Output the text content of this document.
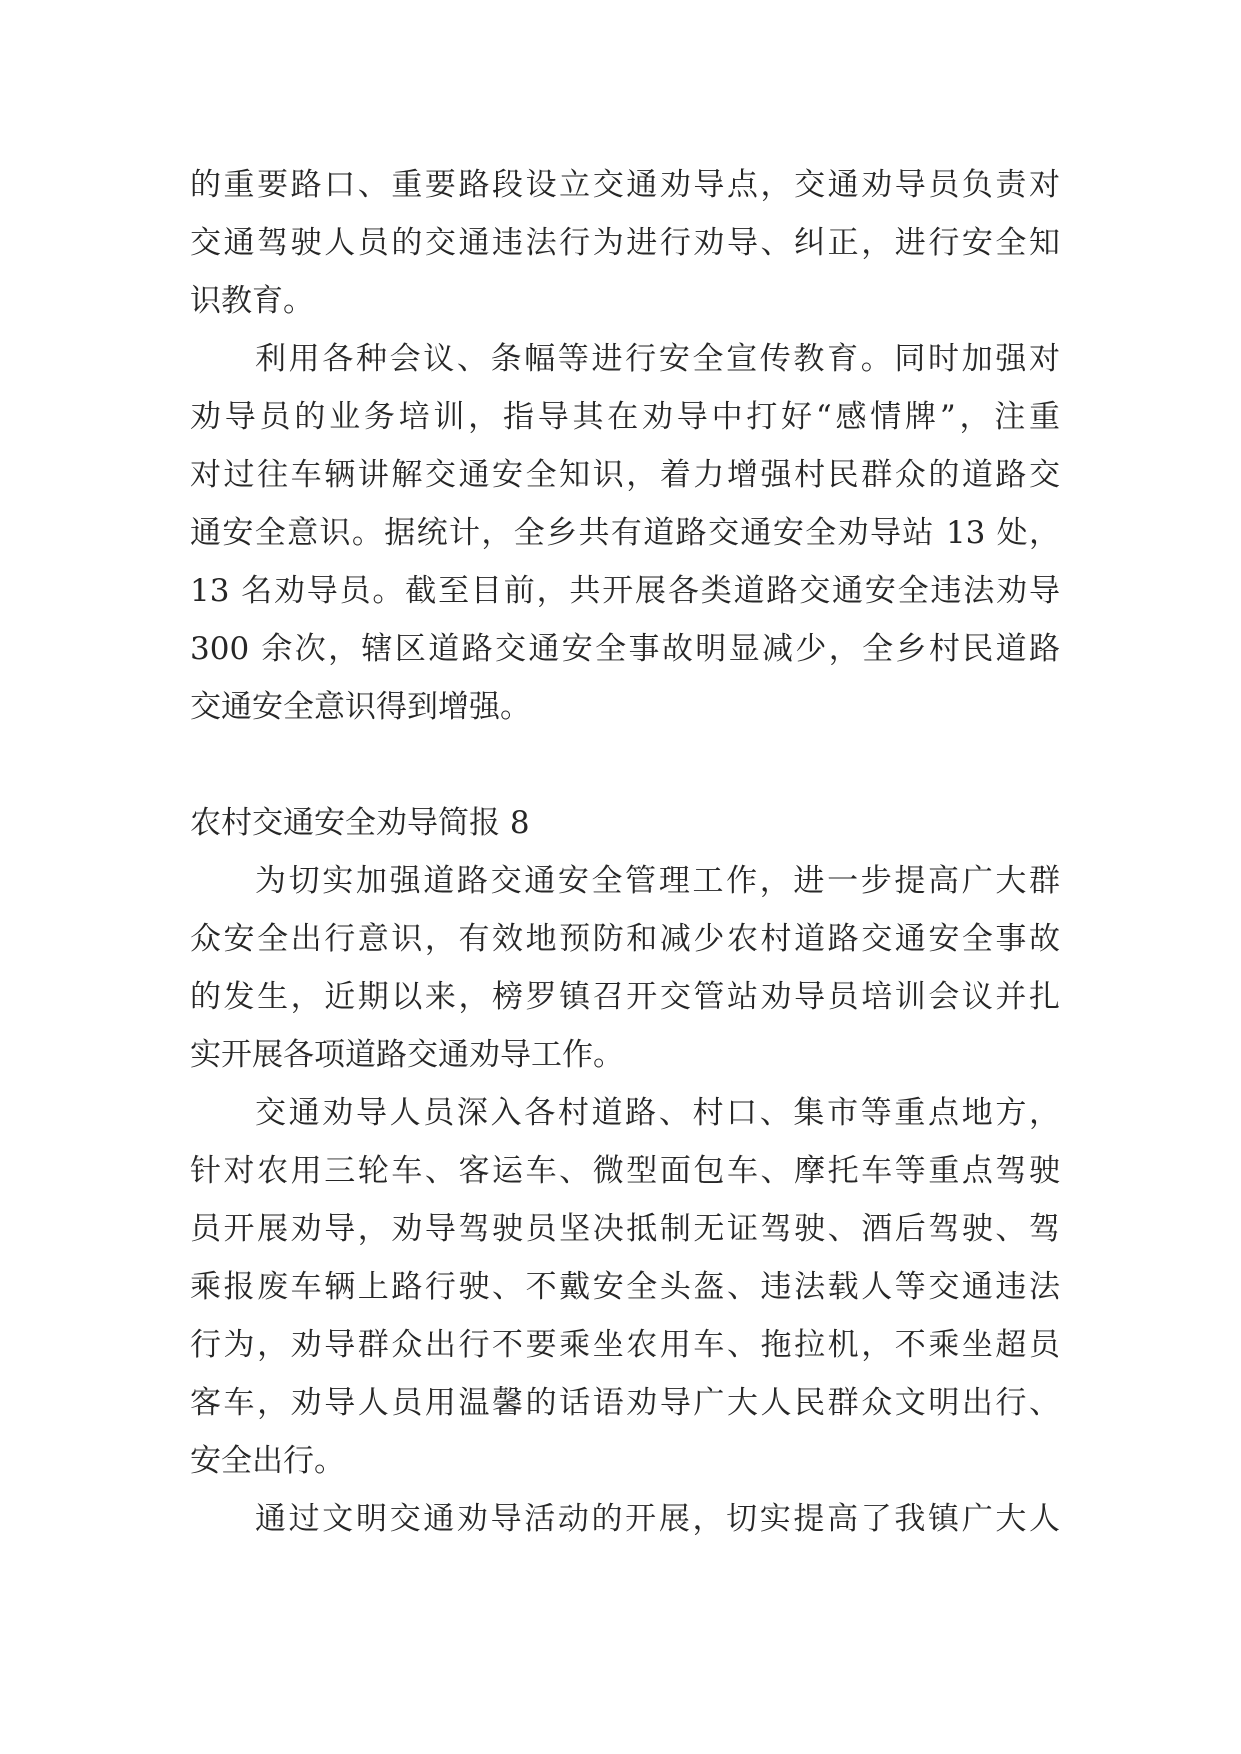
的重要路口、重要路段设立交通劝导点，交通劝导员负责对
交通驾驶人员的交通违法行为进行劝导、纠正，进行安全知
识教育。
利用各种会议、条幅等进行安全宣传教育。同时加强对
劝导员的业务培训，指导其在劝导中打好“感情牌”，注重
对过往车辆讲解交通安全知识，着力增强村民群众的道路交
通安全意识。据统计，全乡共有道路交通安全劝导站 13 处，
13 名劝导员。截至目前，共开展各类道路交通安全违法劝导
300 余次，辖区道路交通安全事故明显减少，全乡村民道路
交通安全意识得到增强。
农村交通安全劝导简报 8
为切实加强道路交通安全管理工作，进一步提高广大群
众安全出行意识，有效地预防和减少农村道路交通安全事故
的发生，近期以来，榜罗镇召开交管站劝导员培训会议并扎
实开展各项道路交通劝导工作。
交通劝导人员深入各村道路、村口、集市等重点地方，
针对农用三轮车、客运车、微型面包车、摩托车等重点驾驶
员开展劝导，劝导驾驶员坚决抵制无证驾驶、酒后驾驶、驾
乘报废车辆上路行驶、不戴安全头盔、违法载人等交通违法
行为，劝导群众出行不要乘坐农用车、拖拉机，不乘坐超员
客车，劝导人员用温馨的话语劝导广大人民群众文明出行、
安全出行。
通过文明交通劝导活动的开展，切实提高了我镇广大人
